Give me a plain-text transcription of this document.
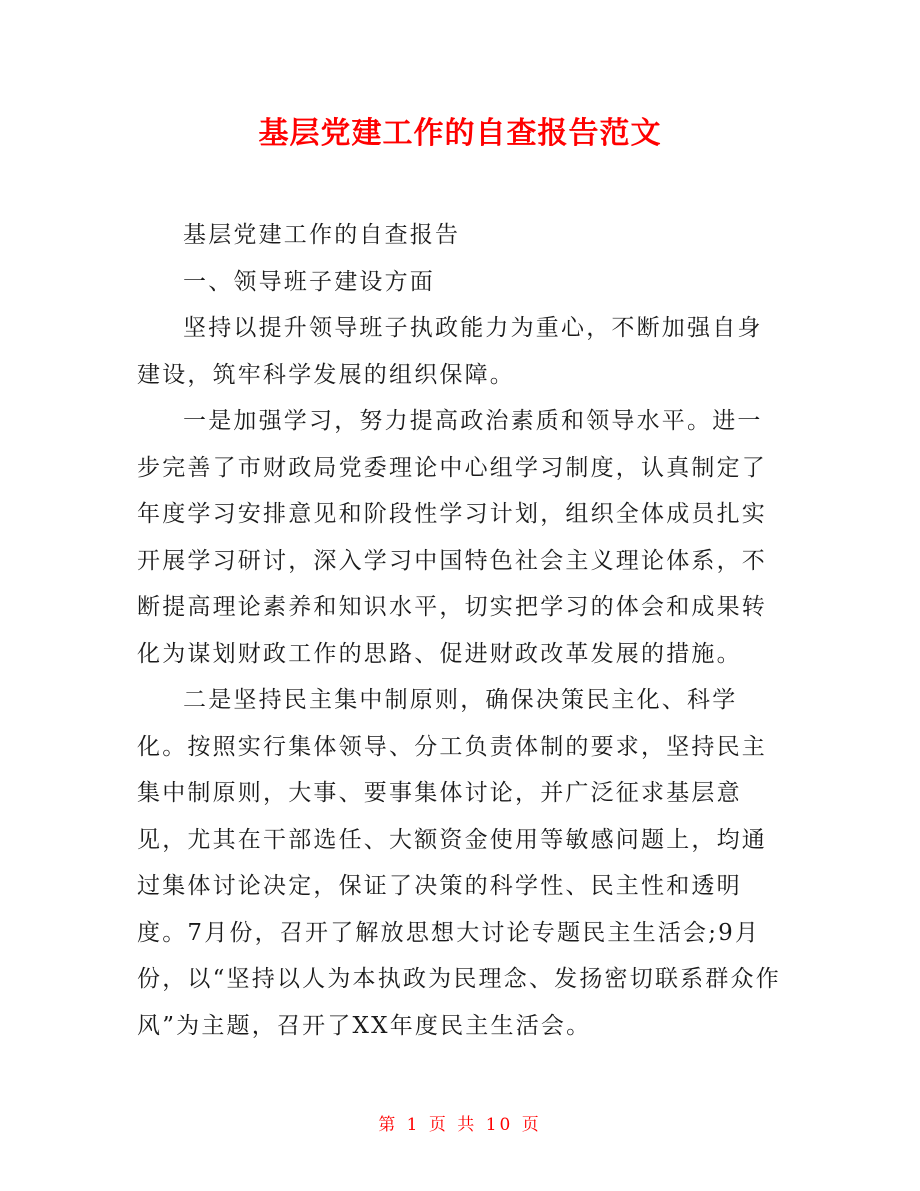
基层党建工作的自查报告范文

基层党建工作的自查报告

一、领导班子建设方面

坚持以提升领导班子执政能力为重心，不断加强自身建设，筑牢科学发展的组织保障。

一是加强学习，努力提高政治素质和领导水平。进一步完善了市财政局党委理论中心组学习制度，认真制定了年度学习安排意见和阶段性学习计划，组织全体成员扎实开展学习研讨，深入学习中国特色社会主义理论体系，不断提高理论素养和知识水平，切实把学习的体会和成果转化为谋划财政工作的思路、促进财政改革发展的措施。

二是坚持民主集中制原则，确保决策民主化、科学化。按照实行集体领导、分工负责体制的要求，坚持民主集中制原则，大事、要事集体讨论，并广泛征求基层意见，尤其在干部选任、大额资金使用等敏感问题上，均通过集体讨论决定，保证了决策的科学性、民主性和透明度。7月份，召开了解放思想大讨论专题民主生活会;9月份，以“坚持以人为本执政为民理念、发扬密切联系群众作风”为主题，召开了XX年度民主生活会。

第 1 页 共 10 页
